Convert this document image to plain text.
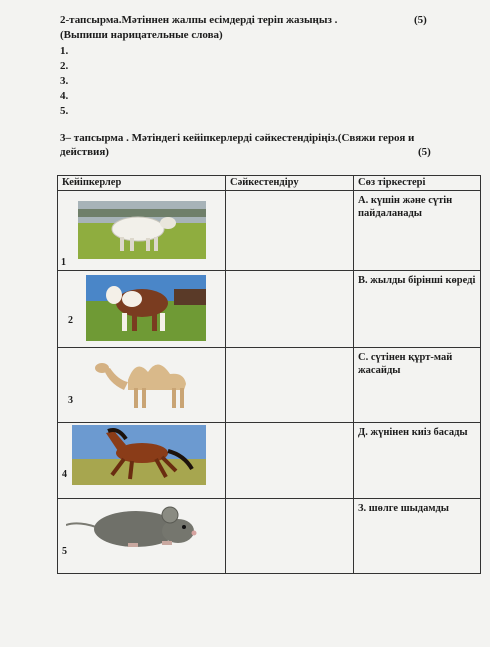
2-тапсырма.Мәтіннен жалпы есімдерді теріп жазыңыз .	(5)
(Выпиши нарицательные слова)
1.
2.
3.
4.
5.
3– тапсырма . Мәтіндегі кейіпкерлерді сәйкестендіріңіз.(Свяжи героя и
действия)	(5)
Кейіпкерлер	Сәйкестендіру	Сөз тіркестері

1		А. күшін және сүтін пайдаланады

2		В. жылды бірінші көреді

3		С. сүтінен құрт-май жасайды

4		Д. жүнінен киіз басады

5		З. шөлге шыдамды
